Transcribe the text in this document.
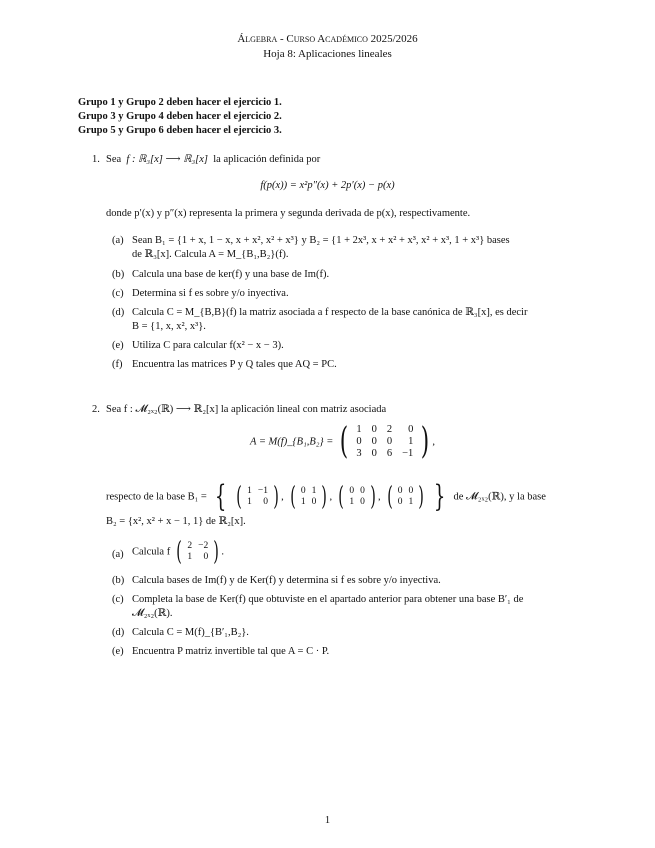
Álgebra - Curso Académico 2025/2026
Hoja 8: Aplicaciones lineales
Grupo 1 y Grupo 2 deben hacer el ejercicio 1.
Grupo 3 y Grupo 4 deben hacer el ejercicio 2.
Grupo 5 y Grupo 6 deben hacer el ejercicio 3.
1. Sea f : ℝ₃[x] ⟶ ℝ₃[x] la aplicación definida por
f(p(x)) = x²p″(x) + 2p′(x) − p(x)
donde p′(x) y p″(x) representa la primera y segunda derivada de p(x), respectivamente.
(a) Sean B₁ = {1 + x, 1 − x, x + x², x² + x³} y B₂ = {1 + 2x³, x + x² + x³, x² + x³, 1 + x³} bases
de ℝ₃[x]. Calcula A = M_{B₁,B₂}(f).
(b) Calcula una base de ker(f) y una base de Im(f).
(c) Determina si f es sobre y/o inyectiva.
(d) Calcula C = M_{B,B}(f) la matriz asociada a f respecto de la base canónica de ℝ₃[x], es decir
B = {1, x, x², x³}.
(e) Utiliza C para calcular f(x² − x − 3).
(f) Encuentra las matrices P y Q tales que AQ = PC.
2. Sea f : 𝓜₂ₓ₂(ℝ) ⟶ ℝ₂[x] la aplicación lineal con matriz asociada
A = M(f)_{B₁,B₂} = ( 1	0	2	0
0	0	0	1
3	0	6	−1 ) ,
respecto de la base B₁ = { ( 1	−1
1	0 ) , ( 0	1
1	0 ) , ( 0	0
1	0 ) , ( 0	0
0	1 ) } de 𝓜₂ₓ₂(ℝ), y la base
B₂ = {x², x² + x − 1, 1} de ℝ₂[x].
(a) Calcula f ( 2	−2
1	0 ) .
(b) Calcula bases de Im(f) y de Ker(f) y determina si f es sobre y/o inyectiva.
(c) Completa la base de Ker(f) que obtuviste en el apartado anterior para obtener una base B′₁ de
𝓜₂ₓ₂(ℝ).
(d) Calcula C = M(f)_{B′₁,B₂}.
(e) Encuentra P matriz invertible tal que A = C · P.
1
